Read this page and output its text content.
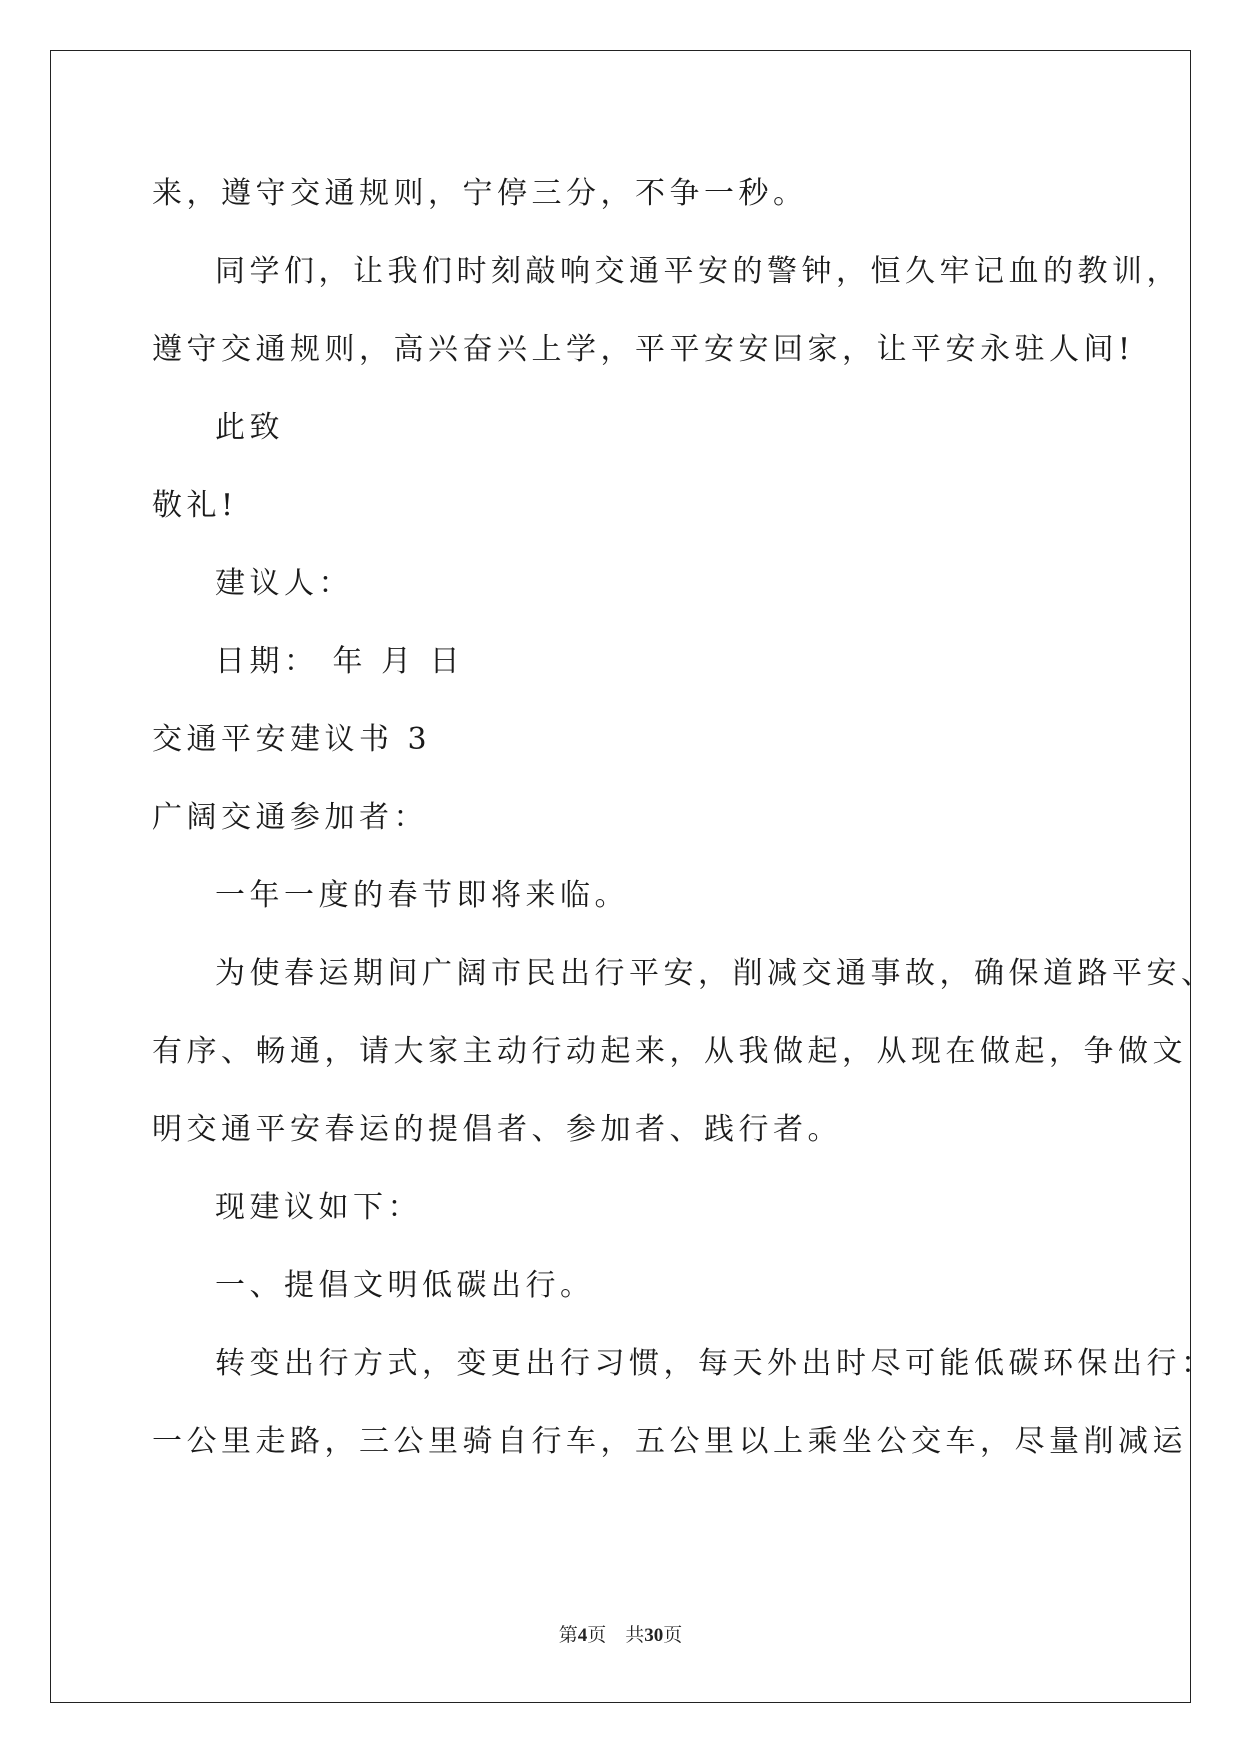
来，遵守交通规则，宁停三分，不争一秒。

同学们，让我们时刻敲响交通平安的警钟，恒久牢记血的教训，

遵守交通规则，高兴奋兴上学，平平安安回家，让平安永驻人间!

此致

敬礼!

建议人：

日期： 年 月 日

交通平安建议书 3

广阔交通参加者：

一年一度的春节即将来临。

为使春运期间广阔市民出行平安，削减交通事故，确保道路平安、

有序、畅通，请大家主动行动起来，从我做起，从现在做起，争做文

明交通平安春运的提倡者、参加者、践行者。

现建议如下：

一、提倡文明低碳出行。

转变出行方式，变更出行习惯，每天外出时尽可能低碳环保出行：

一公里走路，三公里骑自行车，五公里以上乘坐公交车，尽量削减运

第4页　共30页
